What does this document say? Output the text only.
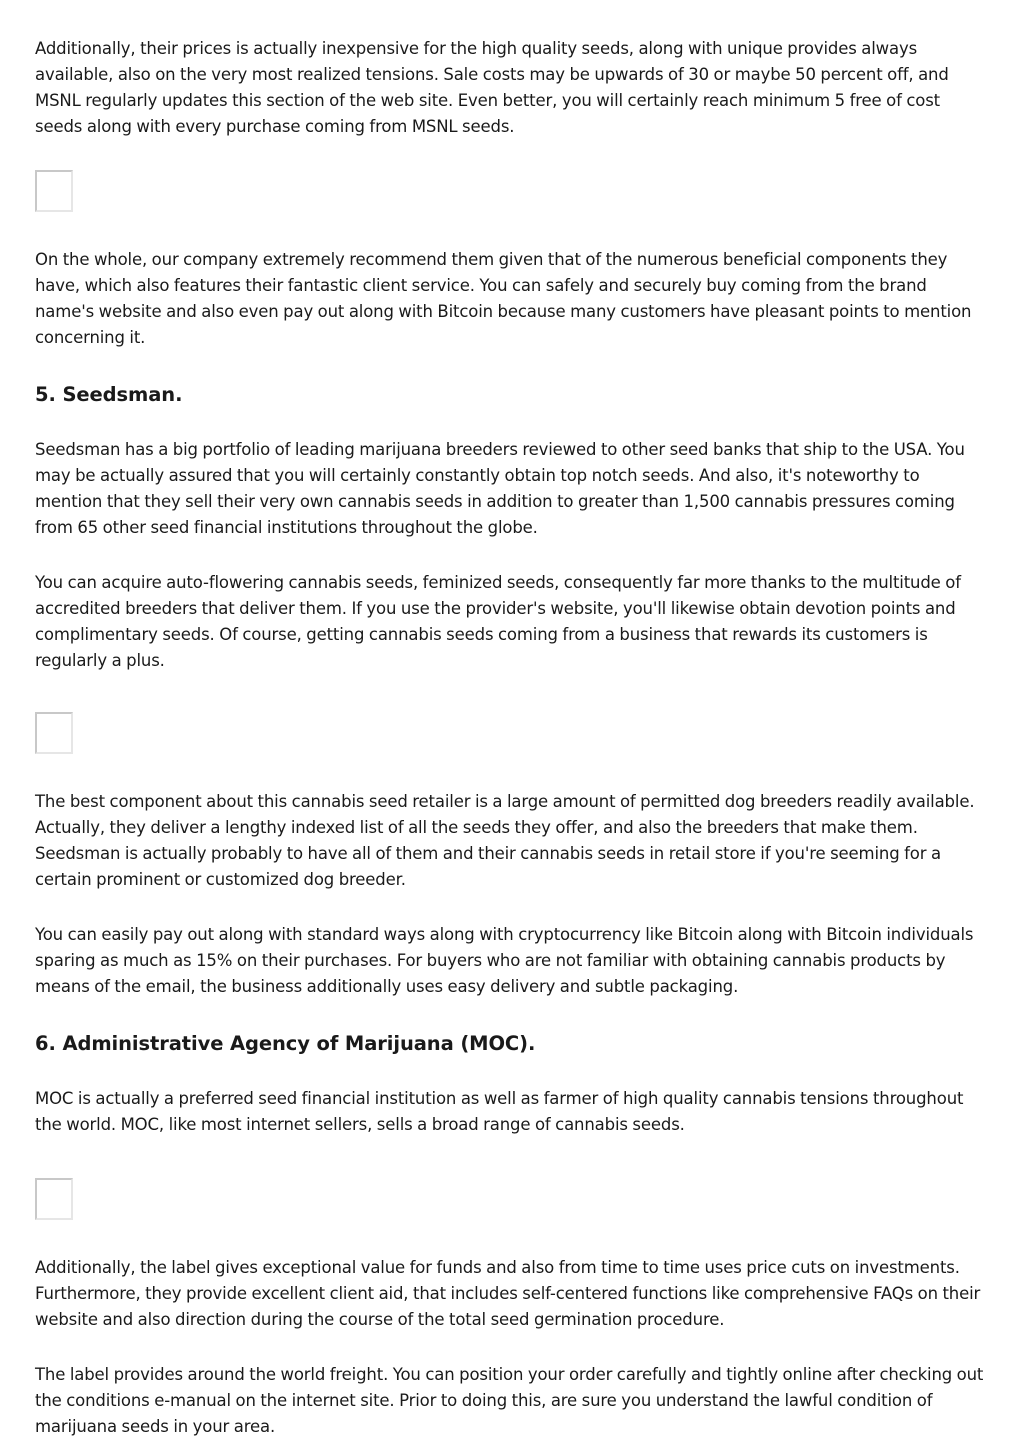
Additionally, their prices is actually inexpensive for the high quality seeds, along with unique provides always available, also on the very most realized tensions. Sale costs may be upwards of 30 or maybe 50 percent off, and MSNL regularly updates this section of the web site. Even better, you will certainly reach minimum 5 free of cost seeds along with every purchase coming from MSNL seeds.

On the whole, our company extremely recommend them given that of the numerous beneficial components they have, which also features their fantastic client service. You can safely and securely buy coming from the brand name's website and also even pay out along with Bitcoin because many customers have pleasant points to mention concerning it.

5. Seedsman.

Seedsman has a big portfolio of leading marijuana breeders reviewed to other seed banks that ship to the USA. You may be actually assured that you will certainly constantly obtain top notch seeds. And also, it's noteworthy to mention that they sell their very own cannabis seeds in addition to greater than 1,500 cannabis pressures coming from 65 other seed financial institutions throughout the globe.

You can acquire auto-flowering cannabis seeds, feminized seeds, consequently far more thanks to the multitude of accredited breeders that deliver them. If you use the provider's website, you'll likewise obtain devotion points and complimentary seeds. Of course, getting cannabis seeds coming from a business that rewards its customers is regularly a plus.

The best component about this cannabis seed retailer is a large amount of permitted dog breeders readily available. Actually, they deliver a lengthy indexed list of all the seeds they offer, and also the breeders that make them. Seedsman is actually probably to have all of them and their cannabis seeds in retail store if you're seeming for a certain prominent or customized dog breeder.

You can easily pay out along with standard ways along with cryptocurrency like Bitcoin along with Bitcoin individuals sparing as much as 15% on their purchases. For buyers who are not familiar with obtaining cannabis products by means of the email, the business additionally uses easy delivery and subtle packaging.

6. Administrative Agency of Marijuana (MOC).

MOC is actually a preferred seed financial institution as well as farmer of high quality cannabis tensions throughout the world. MOC, like most internet sellers, sells a broad range of cannabis seeds.

Additionally, the label gives exceptional value for funds and also from time to time uses price cuts on investments. Furthermore, they provide excellent client aid, that includes self-centered functions like comprehensive FAQs on their website and also direction during the course of the total seed germination procedure.

The label provides around the world freight. You can position your order carefully and tightly online after checking out the conditions e-manual on the internet site. Prior to doing this, are sure you understand the lawful condition of marijuana seeds in your area.
